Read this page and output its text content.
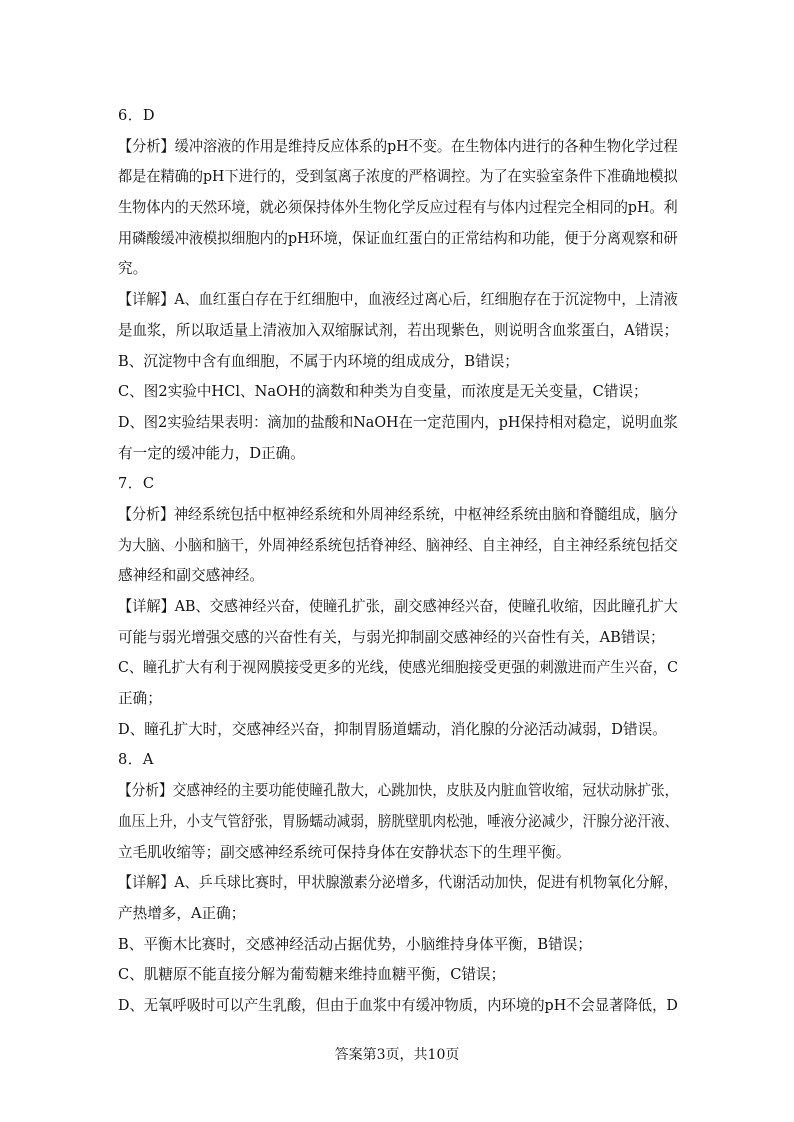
6．D
【分析】缓冲溶液的作用是维持反应体系的pH不变。在生物体内进行的各种生物化学过程
都是在精确的pH下进行的，受到氢离子浓度的严格调控。为了在实验室条件下准确地模拟
生物体内的天然环境，就必须保持体外生物化学反应过程有与体内过程完全相同的pH。利
用磷酸缓冲液模拟细胞内的pH环境，保证血红蛋白的正常结构和功能，便于分离观察和研
究。
【详解】A、血红蛋白存在于红细胞中，血液经过离心后，红细胞存在于沉淀物中，上清液
是血浆，所以取适量上清液加入双缩脲试剂，若出现紫色，则说明含血浆蛋白，A错误；
B、沉淀物中含有血细胞，不属于内环境的组成成分，B错误；
C、图2实验中HCl、NaOH的滴数和种类为自变量，而浓度是无关变量，C错误；
D、图2实验结果表明：滴加的盐酸和NaOH在一定范围内，pH保持相对稳定，说明血浆
有一定的缓冲能力，D正确。
7．C
【分析】神经系统包括中枢神经系统和外周神经系统，中枢神经系统由脑和脊髓组成，脑分
为大脑、小脑和脑干，外周神经系统包括脊神经、脑神经、自主神经，自主神经系统包括交
感神经和副交感神经。
【详解】AB、交感神经兴奋，使瞳孔扩张，副交感神经兴奋，使瞳孔收缩，因此瞳孔扩大
可能与弱光增强交感的兴奋性有关，与弱光抑制副交感神经的兴奋性有关，AB错误；
C、瞳孔扩大有利于视网膜接受更多的光线，使感光细胞接受更强的刺激进而产生兴奋，C
正确；
D、瞳孔扩大时，交感神经兴奋，抑制胃肠道蠕动，消化腺的分泌活动减弱，D错误。
8．A
【分析】交感神经的主要功能使瞳孔散大，心跳加快，皮肤及内脏血管收缩，冠状动脉扩张，
血压上升，小支气管舒张，胃肠蠕动减弱，膀胱壁肌肉松弛，唾液分泌减少，汗腺分泌汗液、
立毛肌收缩等；副交感神经系统可保持身体在安静状态下的生理平衡。
【详解】A、乒乓球比赛时，甲状腺激素分泌增多，代谢活动加快，促进有机物氧化分解，
产热增多，A正确；
B、平衡木比赛时，交感神经活动占据优势，小脑维持身体平衡，B错误；
C、肌糖原不能直接分解为葡萄糖来维持血糖平衡，C错误；
D、无氧呼吸时可以产生乳酸，但由于血浆中有缓冲物质，内环境的pH不会显著降低，D
答案第3页，共10页
